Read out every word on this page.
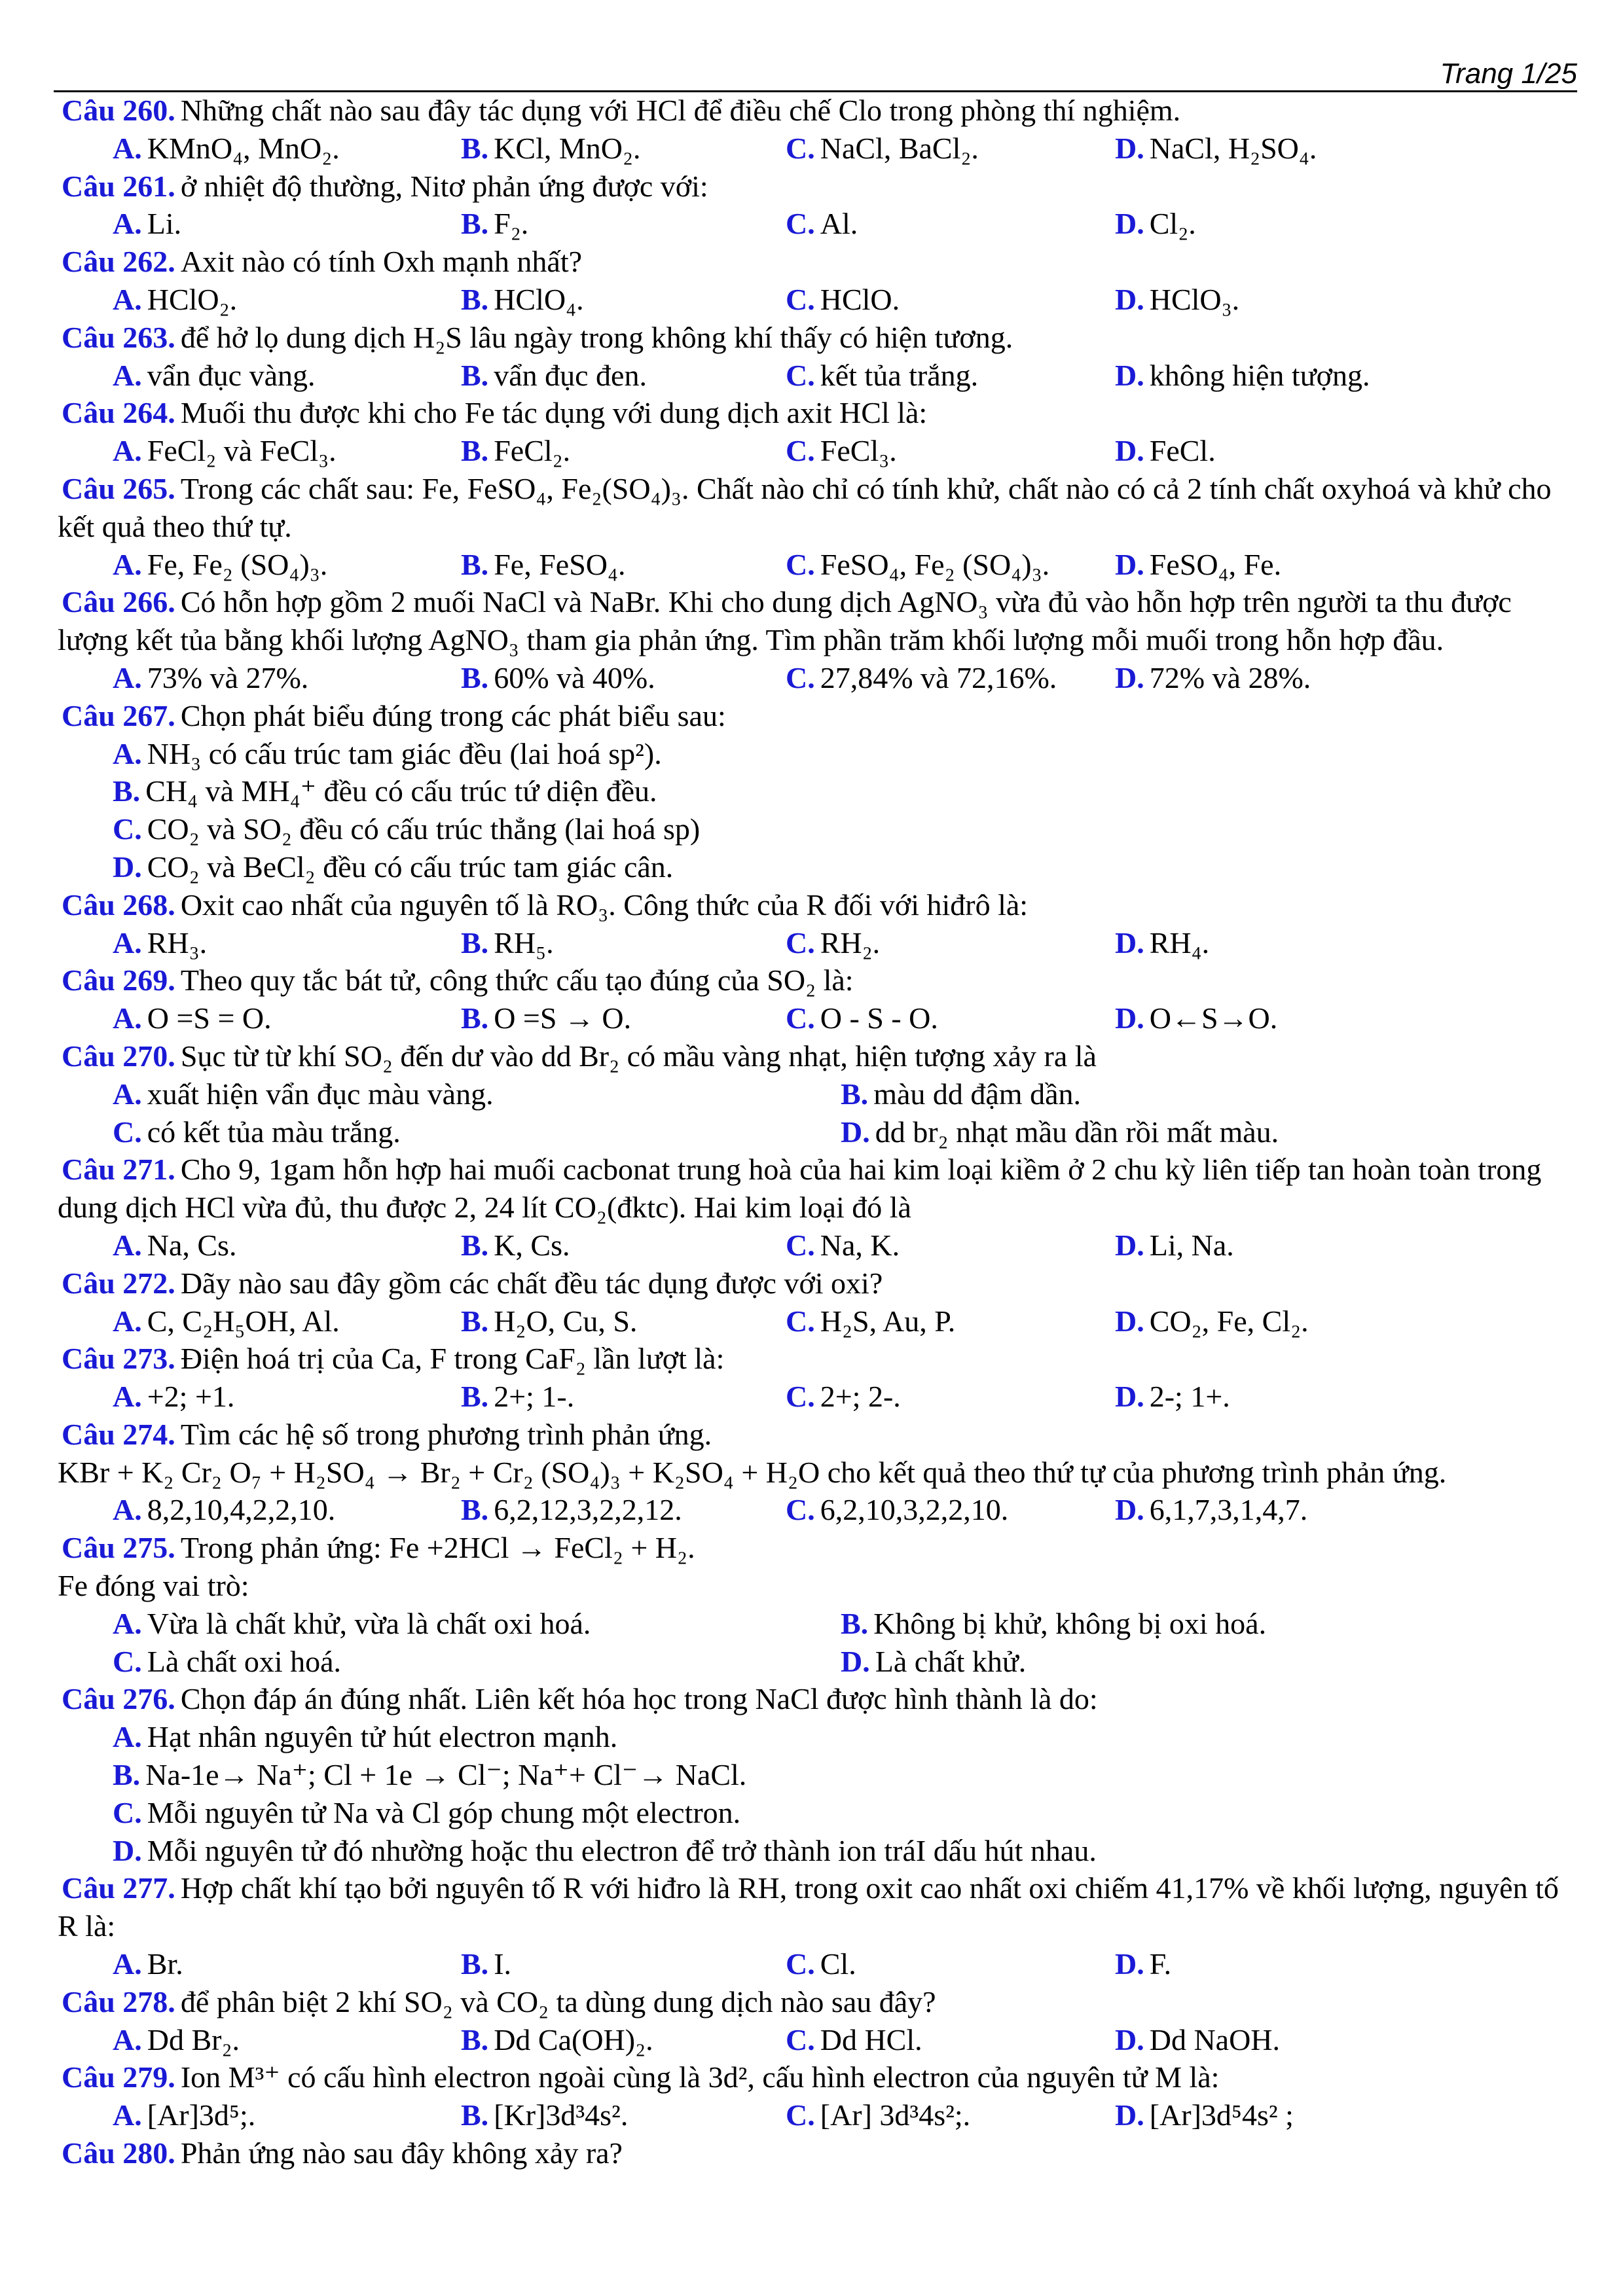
Trang 1/25

Câu 260. Những chất nào sau đây tác dụng với HCl để điều chế Clo trong phòng thí nghiệm.

A. KMnO₄, MnO₂.	B. KCl, MnO₂.	C. NaCl, BaCl₂.	D. NaCl, H₂SO₄.

Câu 261. ở nhiệt độ thường, Nitơ phản ứng được với:

A. Li.	B. F₂.	C. Al.	D. Cl₂.

Câu 262. Axit nào có tính Oxh mạnh nhất?

A. HClO₂.	B. HClO₄.	C. HClO.	D. HClO₃.

Câu 263. để hở lọ dung dịch H₂S lâu ngày trong không khí thấy có hiện tương.

A. vẩn đục vàng.	B. vẩn đục đen.	C. kết tủa trắng.	D. không hiện tượng.

Câu 264. Muối thu được khi cho Fe tác dụng với dung dịch axit HCl là:

A. FeCl₂ và FeCl₃.	B. FeCl₂.	C. FeCl₃.	D. FeCl.

Câu 265. Trong các chất sau: Fe, FeSO₄, Fe₂(SO₄)₃. Chất nào chỉ có tính khử, chất nào có cả 2 tính chất oxyhoá và khử cho kết quả theo thứ tự.

A. Fe, Fe₂ (SO₄)₃.	B. Fe, FeSO₄.	C. FeSO₄, Fe₂ (SO₄)₃.	D. FeSO₄, Fe.

Câu 266. Có hỗn hợp gồm 2 muối NaCl và NaBr. Khi cho dung dịch AgNO₃ vừa đủ vào hỗn hợp trên người ta thu được lượng kết tủa bằng khối lượng AgNO₃ tham gia phản ứng. Tìm phần trăm khối lượng mỗi muối trong hỗn hợp đầu.

A. 73% và 27%.	B. 60% và 40%.	C. 27,84% và 72,16%.	D. 72% và 28%.

Câu 267. Chọn phát biểu đúng trong các phát biểu sau:

A. NH₃ có cấu trúc tam giác đều (lai hoá sp²).
B. CH₄ và MH₄⁺ đều có cấu trúc tứ diện đều.
C. CO₂ và SO₂ đều có cấu trúc thẳng (lai hoá sp)
D. CO₂ và BeCl₂ đều có cấu trúc tam giác cân.

Câu 268. Oxit cao nhất của nguyên tố là RO₃. Công thức của R đối với hiđrô là:

A. RH₃.	B. RH₅.	C. RH₂.	D. RH₄.

Câu 269. Theo quy tắc bát tử, công thức cấu tạo đúng của SO₂ là:

A. O =S = O.	B. O =S → O.	C. O - S - O.	D. O←S→O.

Câu 270. Sục từ từ khí SO₂ đến dư vào dd Br₂ có mầu vàng nhạt, hiện tượng xảy ra là

A. xuất hiện vẩn đục màu vàng.	B. màu dd đậm dần.
C. có kết tủa màu trắng.	D. dd br₂ nhạt mầu dần rồi mất màu.

Câu 271. Cho 9, 1gam hỗn hợp hai muối cacbonat trung hoà của hai kim loại kiềm ở 2 chu kỳ liên tiếp tan hoàn toàn trong dung dịch HCl vừa đủ, thu được 2, 24 lít CO₂(đktc). Hai kim loại đó là

A. Na, Cs.	B. K, Cs.	C. Na, K.	D. Li, Na.

Câu 272. Dãy nào sau đây gồm các chất đều tác dụng được với oxi?

A. C, C₂H₅OH, Al.	B. H₂O, Cu, S.	C. H₂S, Au, P.	D. CO₂, Fe, Cl₂.

Câu 273. Điện hoá trị của Ca, F trong CaF₂ lần lượt là:

A. +2; +1.	B. 2+; 1-.	C. 2+; 2-.	D. 2-; 1+.

Câu 274. Tìm các hệ số trong phương trình phản ứng.

KBr + K₂ Cr₂ O₇ + H₂SO₄ → Br₂ + Cr₂ (SO₄)₃ + K₂SO₄ + H₂O cho kết quả theo thứ tự của phương trình phản ứng.

A. 8,2,10,4,2,2,10.	B. 6,2,12,3,2,2,12.	C. 6,2,10,3,2,2,10.	D. 6,1,7,3,1,4,7.

Câu 275. Trong phản ứng: Fe +2HCl → FeCl₂ + H₂.

Fe đóng vai trò:

A. Vừa là chất khử, vừa là chất oxi hoá.	B. Không bị khử, không bị oxi hoá.
C. Là chất oxi hoá.	D. Là chất khử.

Câu 276. Chọn đáp án đúng nhất. Liên kết hóa học trong NaCl được hình thành là do:

A. Hạt nhân nguyên tử hút electron mạnh.
B. Na-1e→ Na⁺; Cl + 1e → Cl⁻; Na⁺+ Cl⁻→ NaCl.
C. Mỗi nguyên tử Na và Cl góp chung một electron.
D. Mỗi nguyên tử đó nhường hoặc thu electron để trở thành ion tráI dấu hút nhau.

Câu 277. Hợp chất khí tạo bởi nguyên tố R với hiđro là RH, trong oxit cao nhất oxi chiếm 41,17% về khối lượng, nguyên tố R là:

A. Br.	B. I.	C. Cl.	D. F.

Câu 278. để phân biệt 2 khí SO₂ và CO₂ ta dùng dung dịch nào sau đây?

A. Dd Br₂.	B. Dd Ca(OH)₂.	C. Dd HCl.	D. Dd NaOH.

Câu 279. Ion M³⁺ có cấu hình electron ngoài cùng là 3d², cấu hình electron của nguyên tử M là:

A. [Ar]3d⁵;.	B. [Kr]3d³4s².	C. [Ar] 3d³4s²;.	D. [Ar]3d⁵4s² ;

Câu 280. Phản ứng nào sau đây không xảy ra?
